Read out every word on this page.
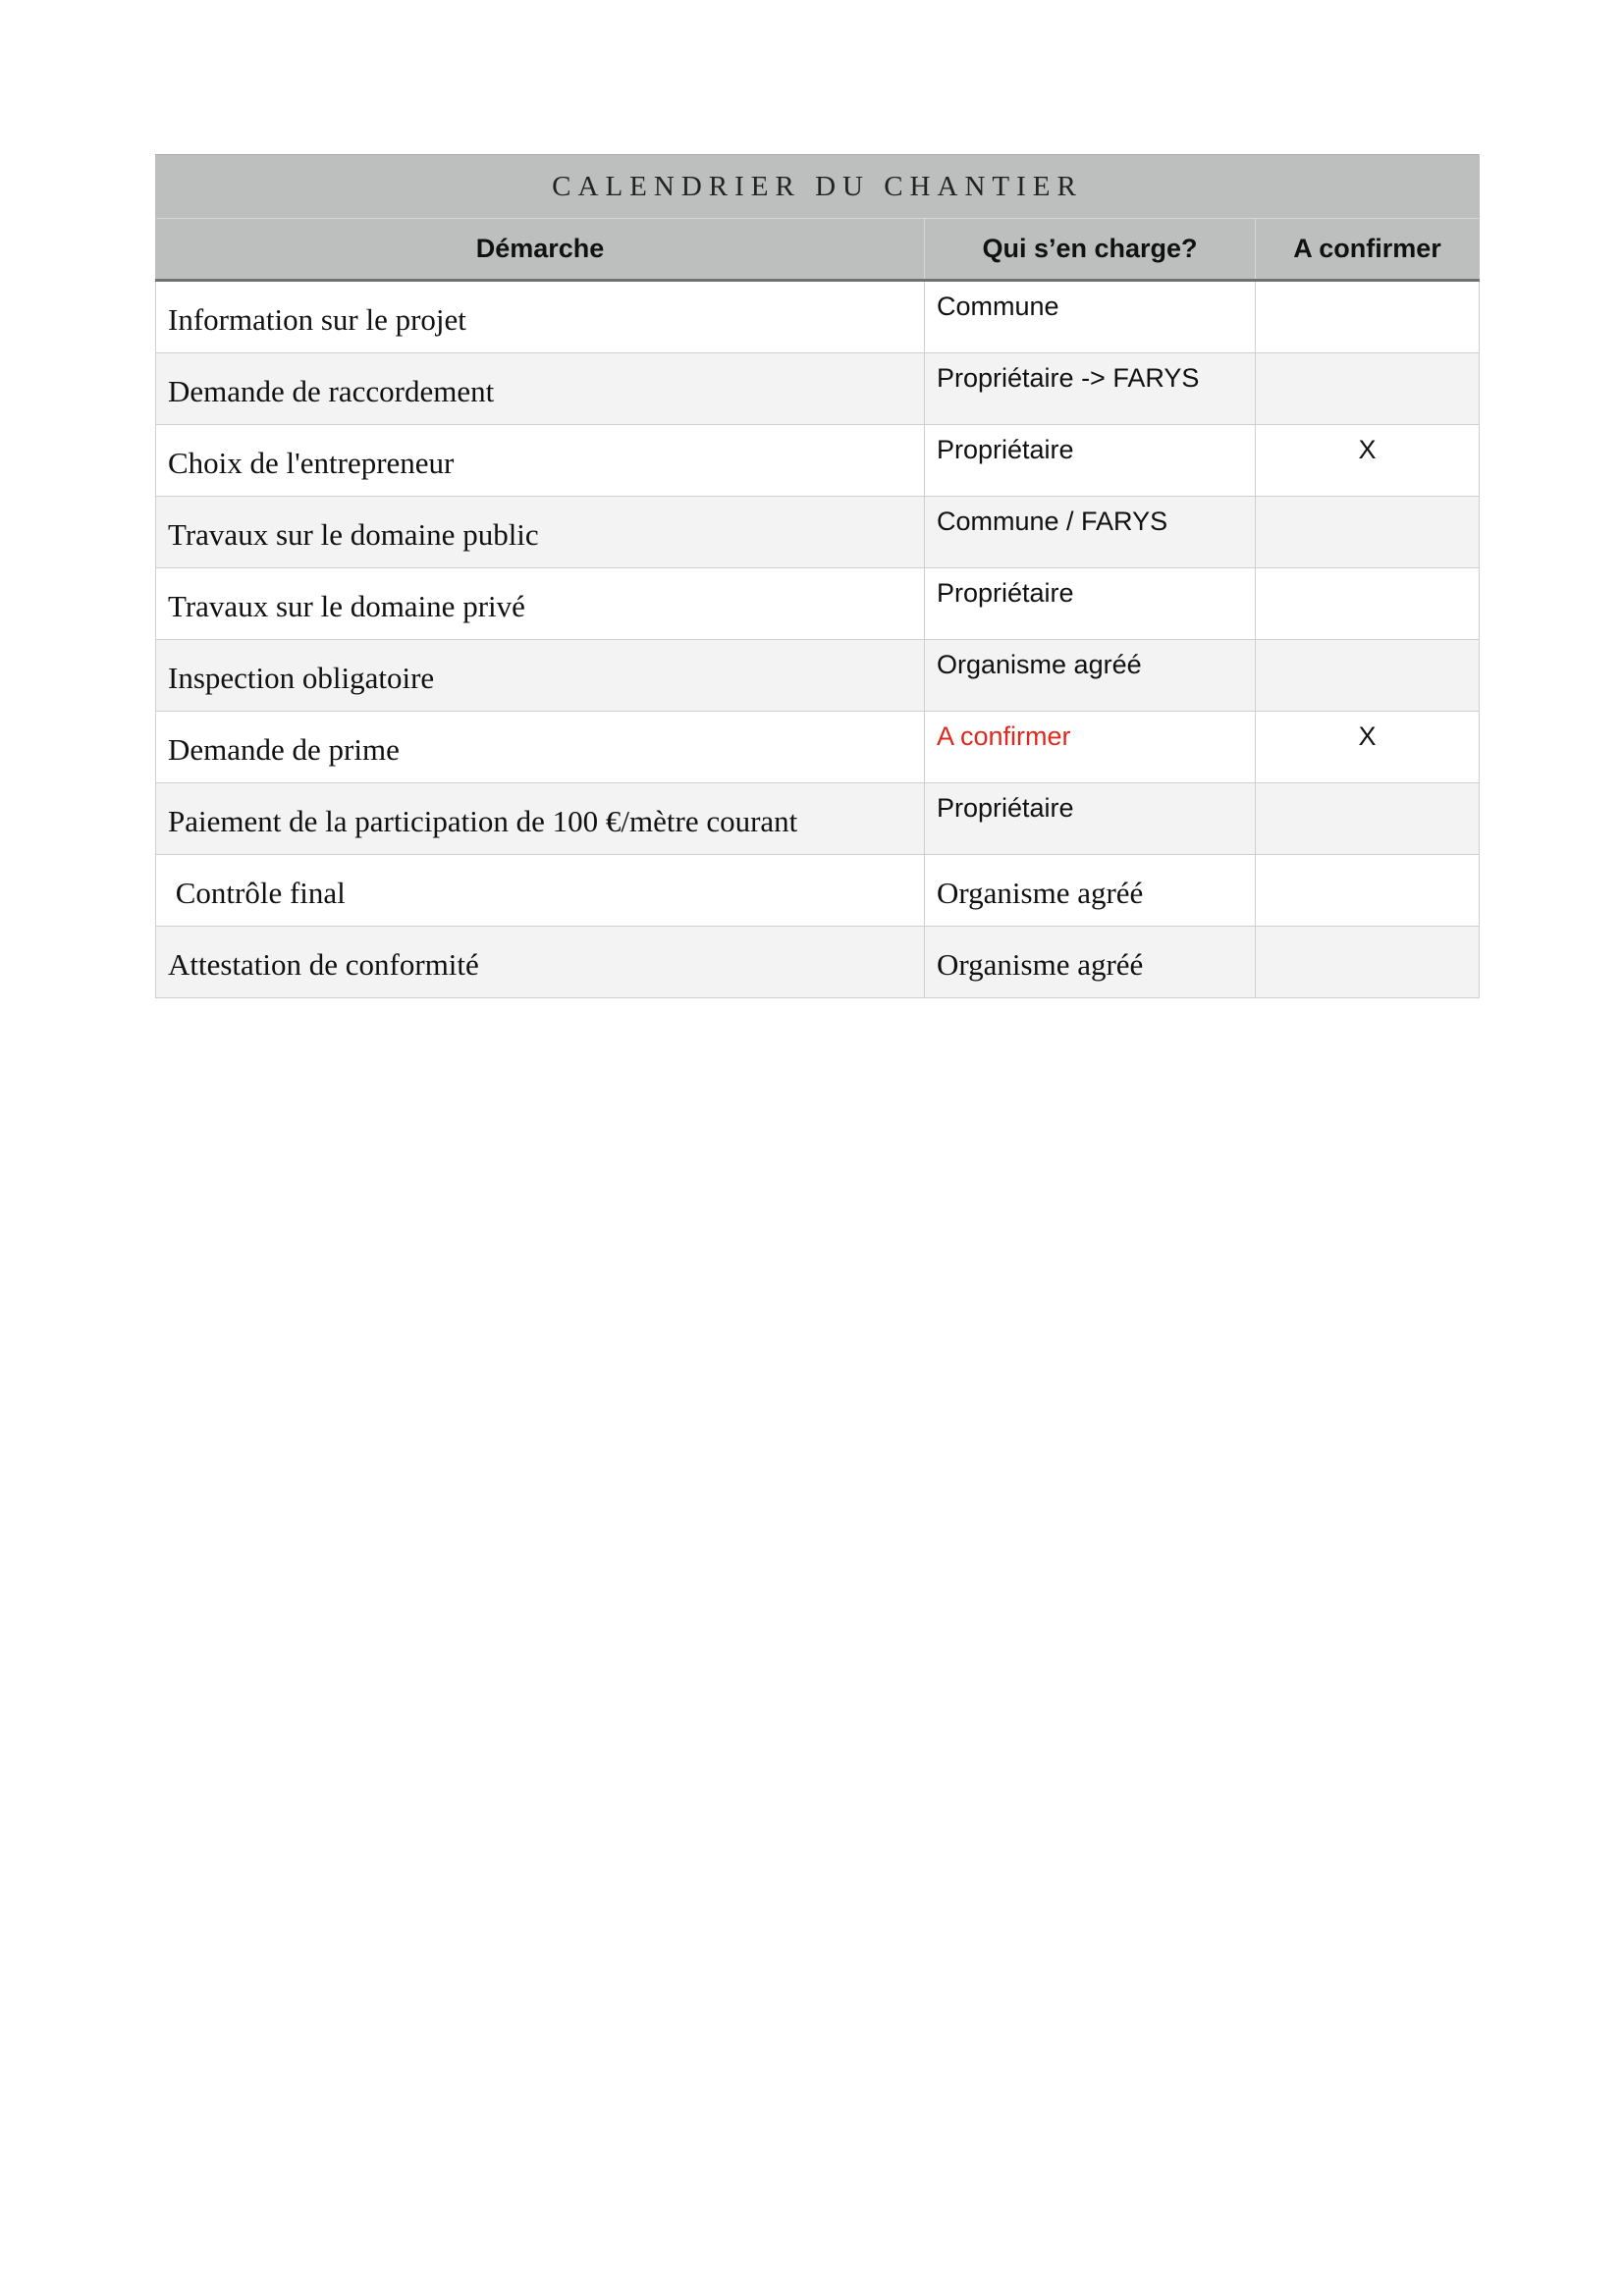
CALENDRIER DU CHANTIER		
Démarche	Qui s’en charge?	A confirmer
Information sur le projet	Commune	
Demande de raccordement	Propriétaire -> FARYS	
Choix de l'entrepreneur	Propriétaire	X
Travaux sur le domaine public	Commune / FARYS	
Travaux sur le domaine privé	Propriétaire	
Inspection obligatoire	Organisme agréé	
Demande de prime	A confirmer	X
Paiement de la participation de 100 €/mètre courant	Propriétaire	
Contrôle final	Organisme agréé	
Attestation de conformité	Organisme agréé	
